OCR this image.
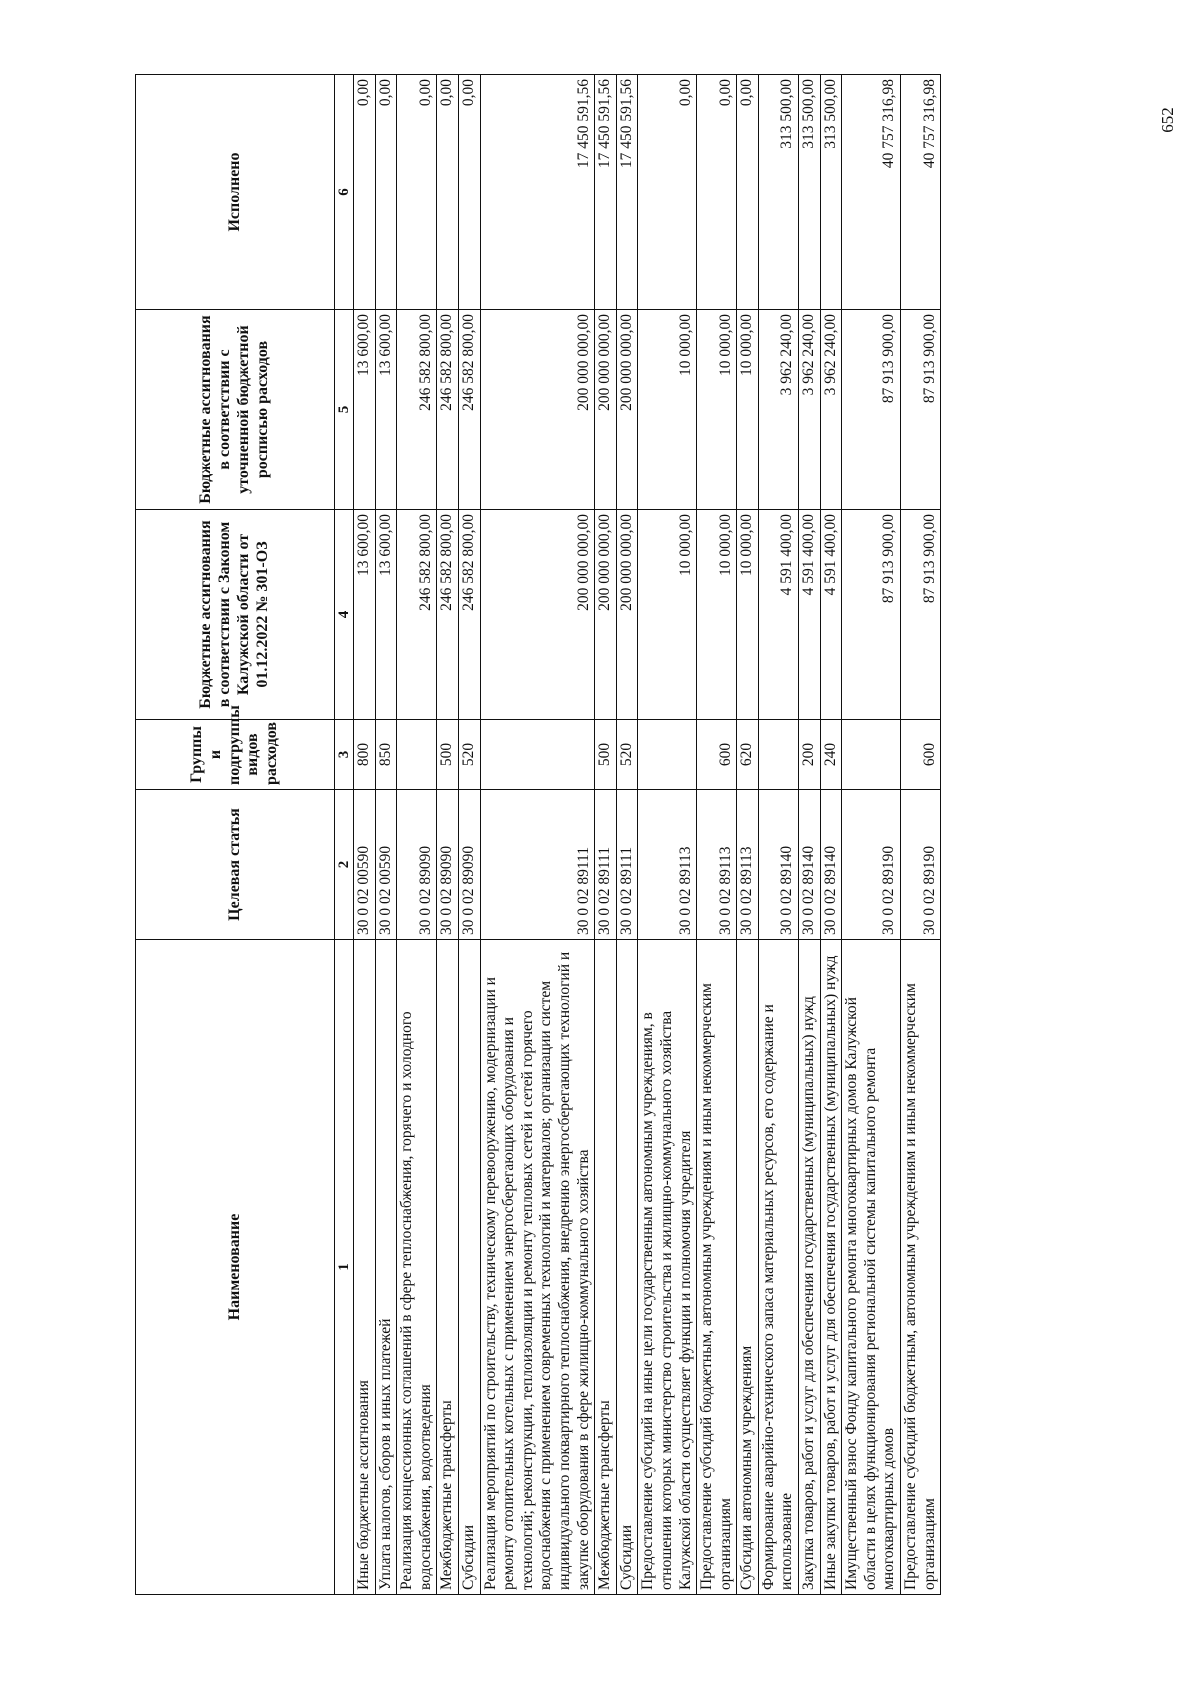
Наименование	Целевая статья	Группы и подгруппы видов расходов	Бюджетные ассигнования в соответствии с Законом Калужской области от 01.12.2022 № 301-ОЗ	Бюджетные ассигнования в соответствии с уточненной бюджетной росписью расходов	Исполнено
1	2	3	4	5	6
Иные бюджетные ассигнования	30 0 02 00590	800	13 600,00	13 600,00	0,00
Уплата налогов, сборов и иных платежей	30 0 02 00590	850	13 600,00	13 600,00	0,00
Реализация концессионных соглашений в сфере теплоснабжения, горячего и холодного водоснабжения, водоотведения	30 0 02 89090		246 582 800,00	246 582 800,00	0,00
Межбюджетные трансферты	30 0 02 89090	500	246 582 800,00	246 582 800,00	0,00
Субсидии	30 0 02 89090	520	246 582 800,00	246 582 800,00	0,00
Реализация мероприятий по строительству, техническому перевооружению, модернизации и ремонту отопительных котельных с применением энергосберегающих оборудования и технологий; реконструкции, теплоизоляции и ремонту тепловых сетей и сетей горячего водоснабжения с применением современных технологий и материалов; организации систем индивидуального поквартирного теплоснабжения, внедрению энергосберегающих технологий и закупке оборудования в сфере жилищно-коммунального хозяйства	30 0 02 89111		200 000 000,00	200 000 000,00	17 450 591,56
Межбюджетные трансферты	30 0 02 89111	500	200 000 000,00	200 000 000,00	17 450 591,56
Субсидии	30 0 02 89111	520	200 000 000,00	200 000 000,00	17 450 591,56
Предоставление субсидий на иные цели государственным автономным учреждениям, в отношении которых министерство строительства и жилищно-коммунального хозяйства Калужской области осуществляет функции и полномочия учредителя	30 0 02 89113		10 000,00	10 000,00	0,00
Предоставление субсидий бюджетным, автономным учреждениям и иным некоммерческим организациям	30 0 02 89113	600	10 000,00	10 000,00	0,00
Субсидии автономным учреждениям	30 0 02 89113	620	10 000,00	10 000,00	0,00
Формирование аварийно-технического запаса материальных ресурсов, его содержание и использование	30 0 02 89140		4 591 400,00	3 962 240,00	313 500,00
Закупка товаров, работ и услуг для обеспечения государственных (муниципальных) нужд	30 0 02 89140	200	4 591 400,00	3 962 240,00	313 500,00
Иные закупки товаров, работ и услуг для обеспечения государственных (муниципальных) нужд	30 0 02 89140	240	4 591 400,00	3 962 240,00	313 500,00
Имущественный взнос Фонду капитального ремонта многоквартирных домов Калужской области в целях функционирования региональной системы капитального ремонта многоквартирных домов	30 0 02 89190		87 913 900,00	87 913 900,00	40 757 316,98
Предоставление субсидий бюджетным, автономным учреждениям и иным некоммерческим организациям	30 0 02 89190	600	87 913 900,00	87 913 900,00	40 757 316,98	652
